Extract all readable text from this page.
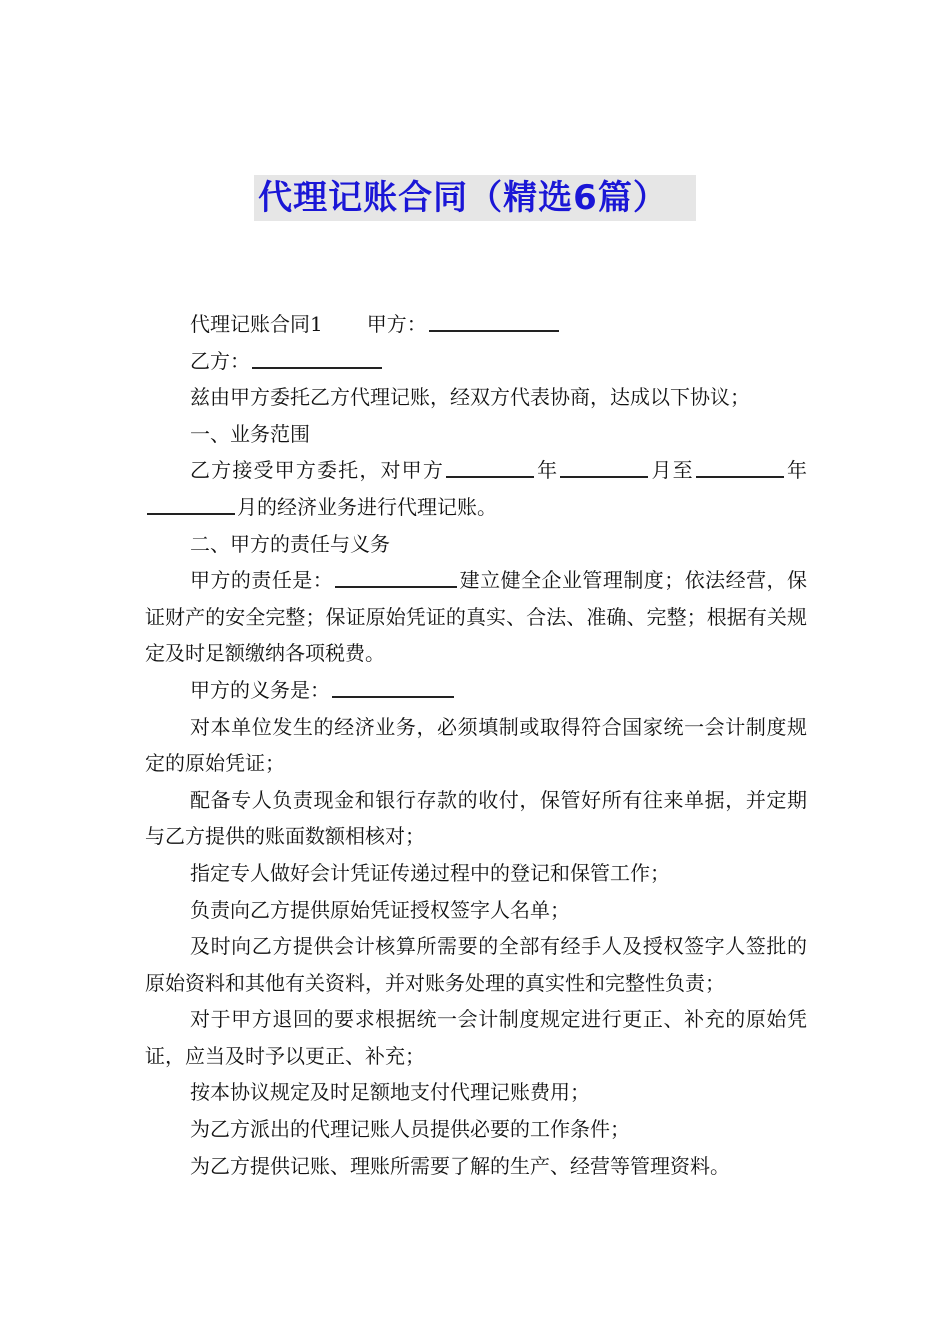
代理记账合同（精选6篇）

代理记账合同1 甲方：

乙方：

兹由甲方委托乙方代理记账，经双方代表协商，达成以下协议；

一、业务范围

乙方接受甲方委托，对甲方	年	月至	年月的经济业务进行代理记账。

二、甲方的责任与义务

甲方的责任是：	建立健全企业管理制度；依法经营，保证财产的安全完整；保证原始凭证的真实、合法、准确、完整；根据有关规定及时足额缴纳各项税费。

甲方的义务是：

对本单位发生的经济业务，必须填制或取得符合国家统一会计制度规定的原始凭证；

配备专人负责现金和银行存款的收付，保管好所有往来单据，并定期与乙方提供的账面数额相核对；

指定专人做好会计凭证传递过程中的登记和保管工作；

负责向乙方提供原始凭证授权签字人名单；

及时向乙方提供会计核算所需要的全部有经手人及授权签字人签批的原始资料和其他有关资料，并对账务处理的真实性和完整性负责；

对于甲方退回的要求根据统一会计制度规定进行更正、补充的原始凭证，应当及时予以更正、补充；

按本协议规定及时足额地支付代理记账费用；

为乙方派出的代理记账人员提供必要的工作条件；

为乙方提供记账、理账所需要了解的生产、经营等管理资料。
